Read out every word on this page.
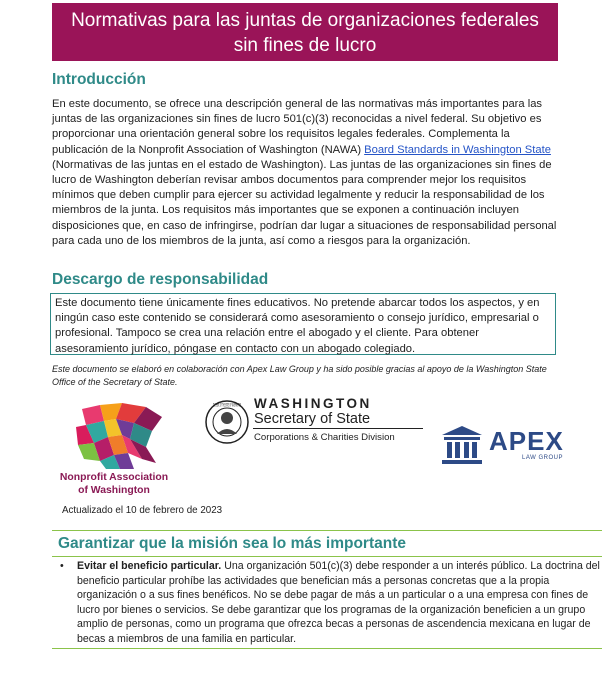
Normativas para las juntas de organizaciones federales
sin fines de lucro
Introducción

En este documento, se ofrece una descripción general de las normativas más importantes para las juntas de las organizaciones sin fines de lucro 501(c)(3) reconocidas a nivel federal. Su objetivo es proporcionar una orientación general sobre los requisitos legales federales. Complementa la publicación de la Nonprofit Association of Washington (NAWA) Board Standards in Washington State (Normativas de las juntas en el estado de Washington). Las juntas de las organizaciones sin fines de lucro de Washington deberían revisar ambos documentos para comprender mejor los requisitos mínimos que deben cumplir para ejercer su actividad legalmente y reducir la responsabilidad de los miembros de la junta. Los requisitos más importantes que se exponen a continuación incluyen disposiciones que, en caso de infringirse, podrían dar lugar a situaciones de responsabilidad personal para cada uno de los miembros de la junta, así como a riesgos para la organización.

Descargo de responsabilidad
Este documento tiene únicamente fines educativos. No pretende abarcar todos los aspectos, y en ningún caso este contenido se considerará como asesoramiento o consejo jurídico, empresarial o profesional. Tampoco se crea una relación entre el abogado y el cliente. Para obtener asesoramiento jurídico, póngase en contacto con un abogado colegiado.

Este documento se elaboró en colaboración con Apex Law Group y ha sido posible gracias al apoyo de la Washington State Office of the Secretary of State.

Nonprofit Association
of Washington
THE SEAL OF THE STATE OF WASHINGTON WASHINGTON
Secretary of State
Corporations & Charities Division	APEX
LAW GROUP
Actualizado el 10 de febrero de 2023
Garantizar que la misión sea lo más importante
• Evitar el beneficio particular. Una organización 501(c)(3) debe responder a un interés público. La doctrina del beneficio particular prohíbe las actividades que benefician más a personas concretas que a la propia organización o a sus fines benéficos. No se debe pagar de más a un particular o a una empresa con fines de lucro por bienes o servicios. Se debe garantizar que los programas de la organización beneficien a un grupo amplio de personas, como un programa que ofrezca becas a personas de ascendencia mexicana en lugar de becas a miembros de una familia en particular.
